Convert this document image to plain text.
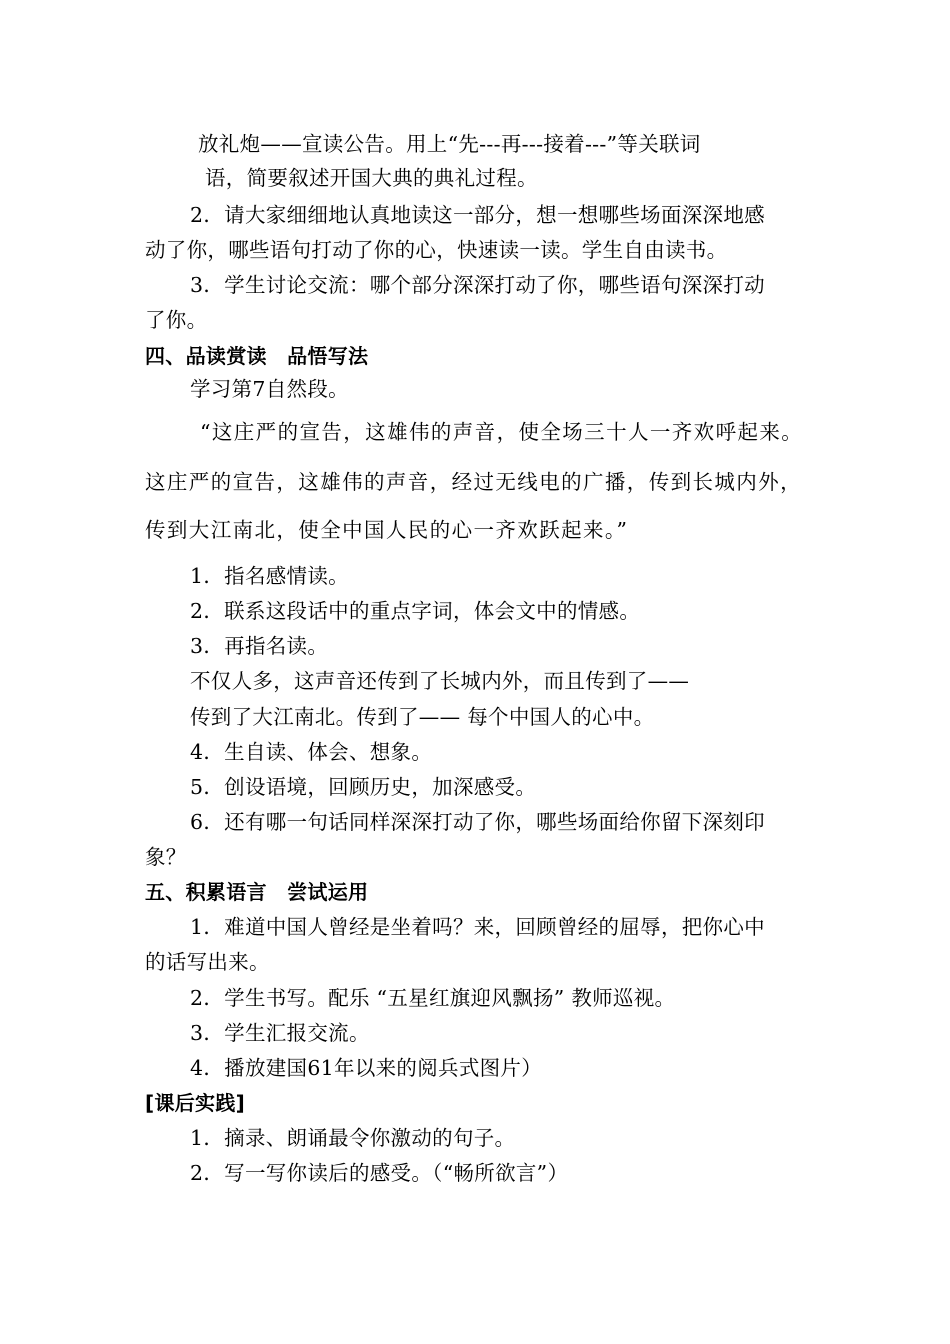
放礼炮——宣读公告。用上“先---再---接着---”等关联词
语，简要叙述开国大典的典礼过程。
2．请大家细细地认真地读这一部分，想一想哪些场面深深地感
动了你，哪些语句打动了你的心，快速读一读。学生自由读书。
3．学生讨论交流：哪个部分深深打动了你，哪些语句深深打动
了你。
四、品读赏读　品悟写法
学习第7自然段。
“这庄严的宣告，这雄伟的声音，使全场三十人一齐欢呼起来。
这庄严的宣告，这雄伟的声音，经过无线电的广播，传到长城内外，
传到大江南北，使全中国人民的心一齐欢跃起来。”
1．指名感情读。
2．联系这段话中的重点字词，体会文中的情感。
3．再指名读。
不仅人多，这声音还传到了长城内外，而且传到了——
传到了大江南北。传到了—— 每个中国人的心中。
4．生自读、体会、想象。
5．创设语境，回顾历史，加深感受。
6．还有哪一句话同样深深打动了你，哪些场面给你留下深刻印
象？
五、积累语言　尝试运用
1．难道中国人曾经是坐着吗？来，回顾曾经的屈辱，把你心中
的话写出来。
2．学生书写。配乐 “五星红旗迎风飘扬” 教师巡视。
3．学生汇报交流。
4．播放建国61年以来的阅兵式图片）
[课后实践]
1．摘录、朗诵最令你激动的句子。
2．写一写你读后的感受。（“畅所欲言”）
